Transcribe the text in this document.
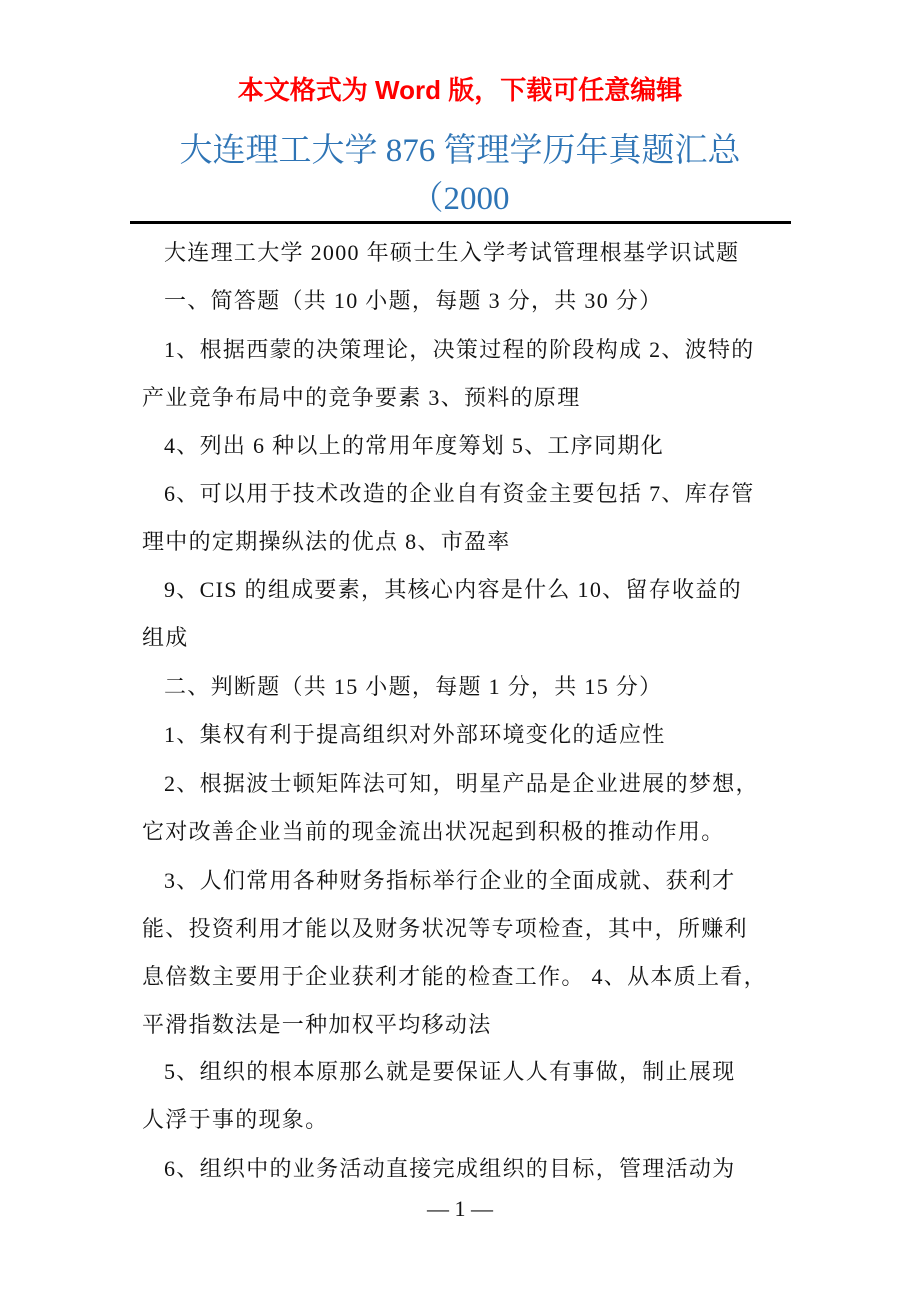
本文格式为 Word 版，下载可任意编辑
大连理工大学 876 管理学历年真题汇总
（2000
大连理工大学 2000 年硕士生入学考试管理根基学识试题
一、简答题（共 10 小题，每题 3 分，共 30 分）
1、根据西蒙的决策理论，决策过程的阶段构成 2、波特的
产业竞争布局中的竞争要素 3、预料的原理
4、列出 6 种以上的常用年度筹划 5、工序同期化
6、可以用于技术改造的企业自有资金主要包括 7、库存管
理中的定期操纵法的优点 8、市盈率
9、CIS 的组成要素，其核心内容是什么 10、留存收益的
组成
二、判断题（共 15 小题，每题 1 分，共 15 分）
1、集权有利于提高组织对外部环境变化的适应性
2、根据波士顿矩阵法可知，明星产品是企业进展的梦想，
它对改善企业当前的现金流出状况起到积极的推动作用。
3、人们常用各种财务指标举行企业的全面成就、获利才
能、投资利用才能以及财务状况等专项检查，其中，所赚利
息倍数主要用于企业获利才能的检查工作。 4、从本质上看，
平滑指数法是一种加权平均移动法
5、组织的根本原那么就是要保证人人有事做，制止展现
人浮于事的现象。
6、组织中的业务活动直接完成组织的目标，管理活动为
— 1 —
